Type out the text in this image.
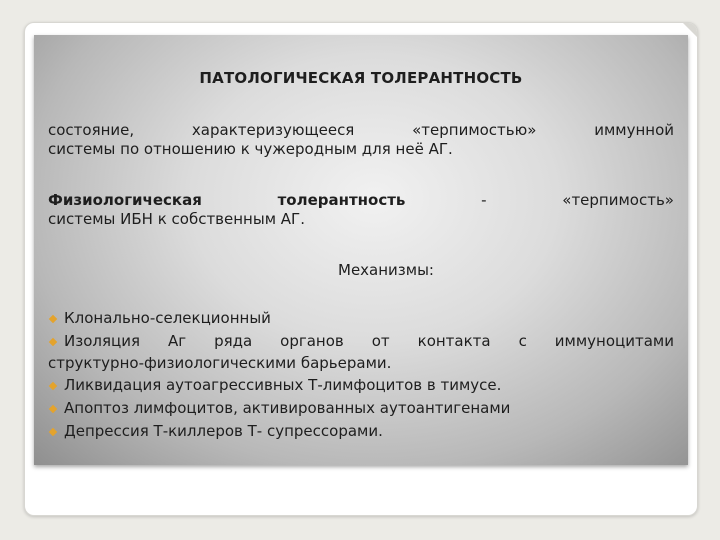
ПАТОЛОГИЧЕСКАЯ ТОЛЕРАНТНОСТЬ

состояние, характеризующееся «терпимостью» иммунной
системы по отношению к чужеродным для неё АГ.

Физиологическая	толерантность	-	«терпимость»
системы ИБН к собственным АГ.

Механизмы:
Клонально-селекционный
Изоляция Аг ряда органов от контакта с иммуноцитами
структурно-физиологическими барьерами.
Ликвидация аутоагрессивных Т-лимфоцитов в тимусе.
Апоптоз лимфоцитов, активированных аутоантигенами
Депрессия Т-киллеров Т- супрессорами.
